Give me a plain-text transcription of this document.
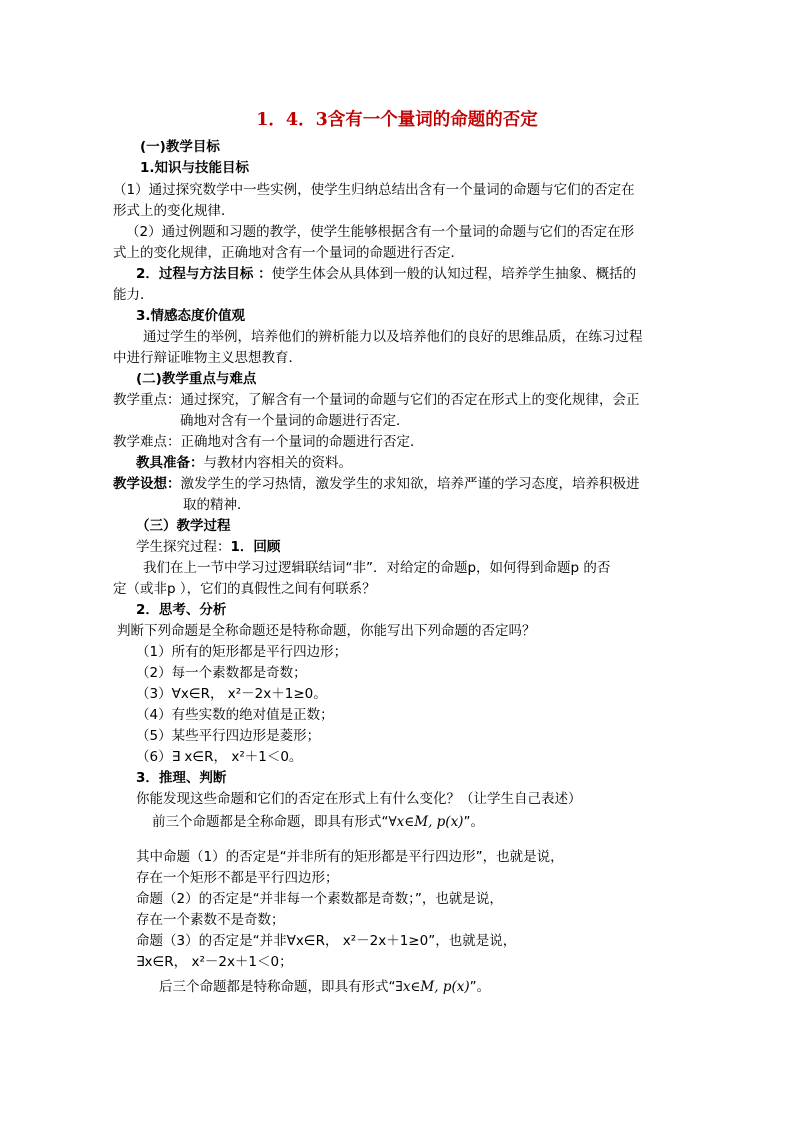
1．4．3含有一个量词的命题的否定
(一)教学目标
1.知识与技能目标
（1）通过探究数学中一些实例，使学生归纳总结出含有一个量词的命题与它们的否定在
形式上的变化规律．
（2）通过例题和习题的教学，使学生能够根据含有一个量词的命题与它们的否定在形
式上的变化规律，正确地对含有一个量词的命题进行否定．
2．过程与方法目标 ：使学生体会从具体到一般的认知过程，培养学生抽象、概括的
能力．
3.情感态度价值观
通过学生的举例，培养他们的辨析能力以及培养他们的良好的思维品质，在练习过程
中进行辩证唯物主义思想教育．
(二)教学重点与难点
教学重点：通过探究，了解含有一个量词的命题与它们的否定在形式上的变化规律，会正
确地对含有一个量词的命题进行否定．
教学难点：正确地对含有一个量词的命题进行否定．
教具准备：与教材内容相关的资料。
教学设想：激发学生的学习热情，激发学生的求知欲，培养严谨的学习态度，培养积极进
取的精神．
（三）教学过程
学生探究过程：1．回顾
我们在上一节中学习过逻辑联结词“非”．对给定的命题p，如何得到命题p 的否
定（或非p ），它们的真假性之间有何联系？
2．思考、分析
判断下列命题是全称命题还是特称命题，你能写出下列命题的否定吗？
（1）所有的矩形都是平行四边形；
（2）每一个素数都是奇数；
（3）∀x∈R， x²－2x＋1≥0。
（4）有些实数的绝对值是正数；
（5）某些平行四边形是菱形；
（6）∃ x∈R， x²＋1＜0。
3．推理、判断
你能发现这些命题和它们的否定在形式上有什么变化？（让学生自己表述）
前三个命题都是全称命题，即具有形式“∀x∈M, p(x)”。
其中命题（1）的否定是“并非所有的矩形都是平行四边形”，也就是说，
存在一个矩形不都是平行四边形；
命题（2）的否定是“并非每一个素数都是奇数；”，也就是说，
存在一个素数不是奇数；
命题（3）的否定是“并非∀x∈R， x²－2x＋1≥0”，也就是说，
∃x∈R， x²－2x＋1＜0；
后三个命题都是特称命题，即具有形式“∃x∈M, p(x)”。
